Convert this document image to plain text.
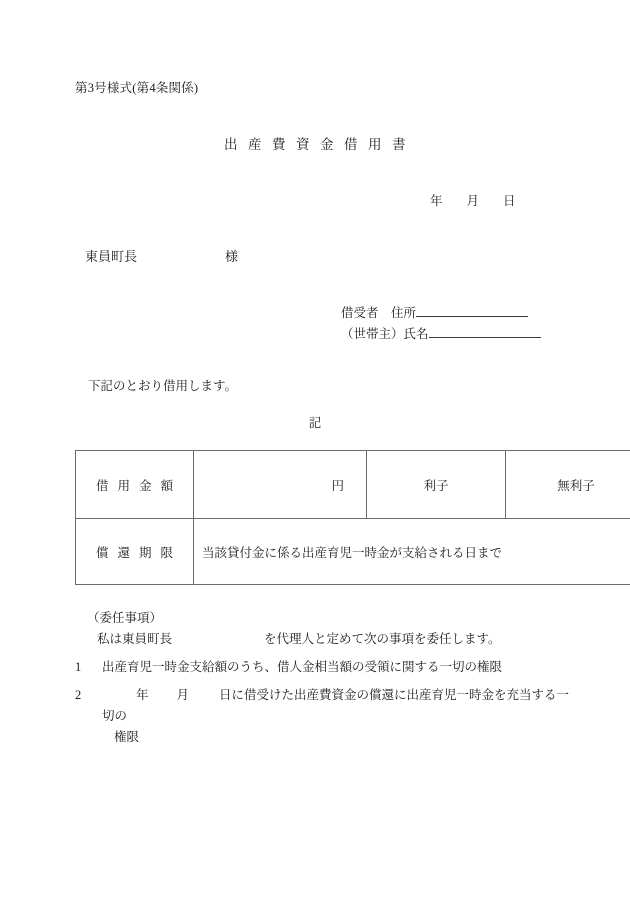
第3号様式(第4条関係)
出 産 費 資 金 借 用 書
年 月 日
東員町長	様
借受者　住所
（世帯主）氏名
下記のとおり借用します。
記
借 用 金 額	円	利子	無利子
償 還 期 限	当該貸付金に係る出産育児一時金が支給される日まで		
（委任事項）
私は東員町長	を代理人と定めて次の事項を委任します。
1	出産育児一時金支給額のうち、借人金相当額の受領に関する一切の権限
2	年 月 日に借受けた出産費資金の償還に出産育児一時金を充当する一切の
権限
